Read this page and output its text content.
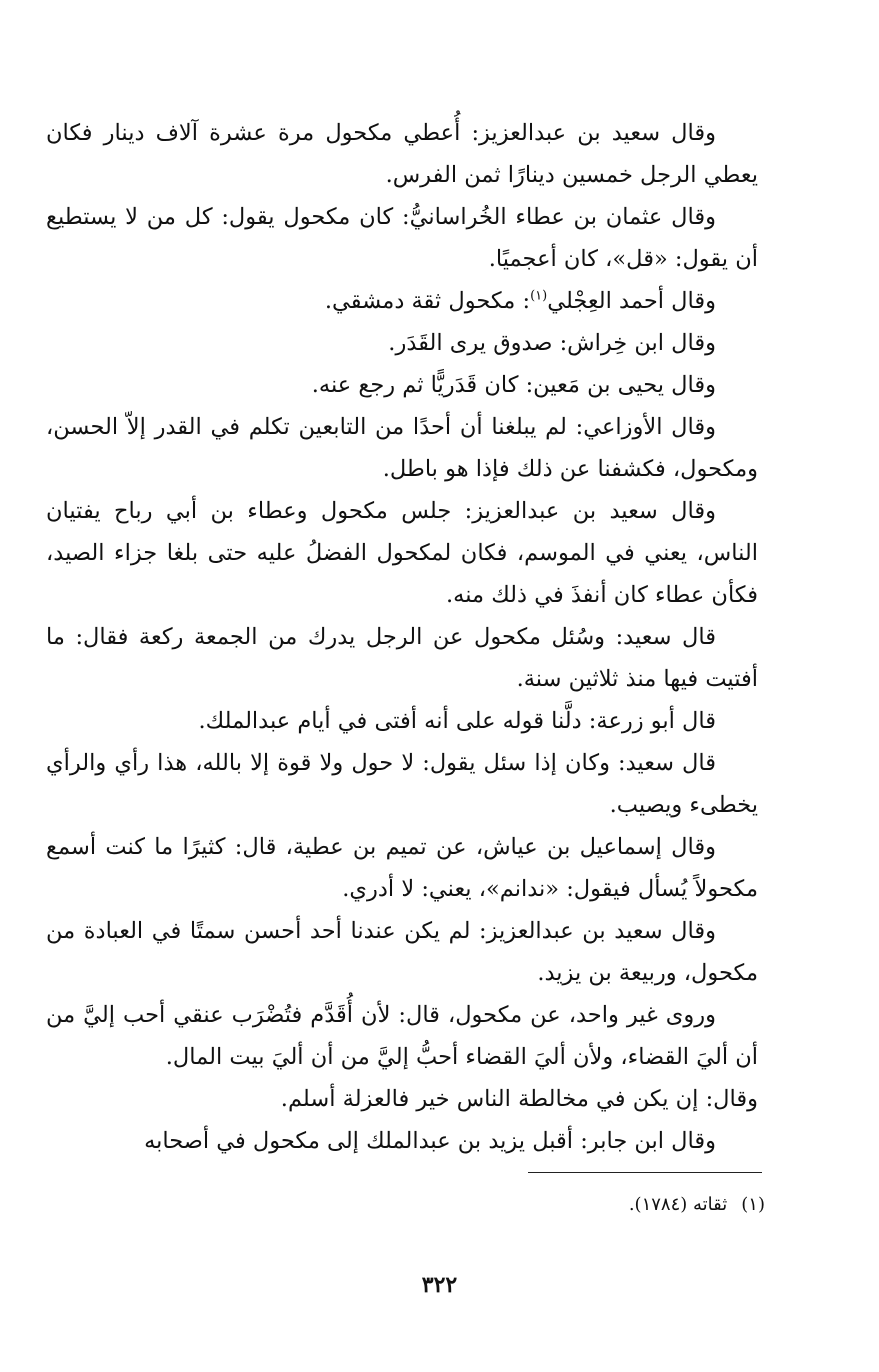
وقال سعيد بن عبدالعزيز: أُعطي مكحول مرة عشرة آلاف دينار فكان يعطي الرجل خمسين دينارًا ثمن الفرس.

وقال عثمان بن عطاء الخُراسانيُّ: كان مكحول يقول: كل من لا يستطيع أن يقول: «قل»، كان أعجميًا.

وقال أحمد العِجْلي$^{(١)}$: مكحول ثقة دمشقي.

وقال ابن خِراش: صدوق يرى القَدَر.

وقال يحيى بن مَعين: كان قَدَريًّا ثم رجع عنه.

وقال الأوزاعي: لم يبلغنا أن أحدًا من التابعين تكلم في القدر إلاّ الحسن، ومكحول، فكشفنا عن ذلك فإذا هو باطل.

وقال سعيد بن عبدالعزيز: جلس مكحول وعطاء بن أبي رباح يفتيان الناس، يعني في الموسم، فكان لمكحول الفضلُ عليه حتى بلغا جزاء الصيد، فكأن عطاء كان أنفذَ في ذلك منه.

قال سعيد: وسُئل مكحول عن الرجل يدرك من الجمعة ركعة فقال: ما أفتيت فيها منذ ثلاثين سنة.

قال أبو زرعة: دلَّنا قوله على أنه أفتى في أيام عبدالملك.

قال سعيد: وكان إذا سئل يقول: لا حول ولا قوة إلا بالله، هذا رأي والرأي يخطىء ويصيب.

وقال إسماعيل بن عياش، عن تميم بن عطية، قال: كثيرًا ما كنت أسمع مكحولاً يُسأل فيقول: «ندانم»، يعني: لا أدري.

وقال سعيد بن عبدالعزيز: لم يكن عندنا أحد أحسن سمتًا في العبادة من مكحول، وربيعة بن يزيد.

وروى غير واحد، عن مكحول، قال: لأن أُقَدَّم فتُضْرَب عنقي أحب إليَّ من أن أليَ القضاء، ولأن أليَ القضاء أحبُّ إليَّ من أن أليَ بيت المال.

وقال: إن يكن في مخالطة الناس خير فالعزلة أسلم.

وقال ابن جابر: أقبل يزيد بن عبدالملك إلى مكحول في أصحابه

(١)ثقاته (١٧٨٤).
٣٢٢
